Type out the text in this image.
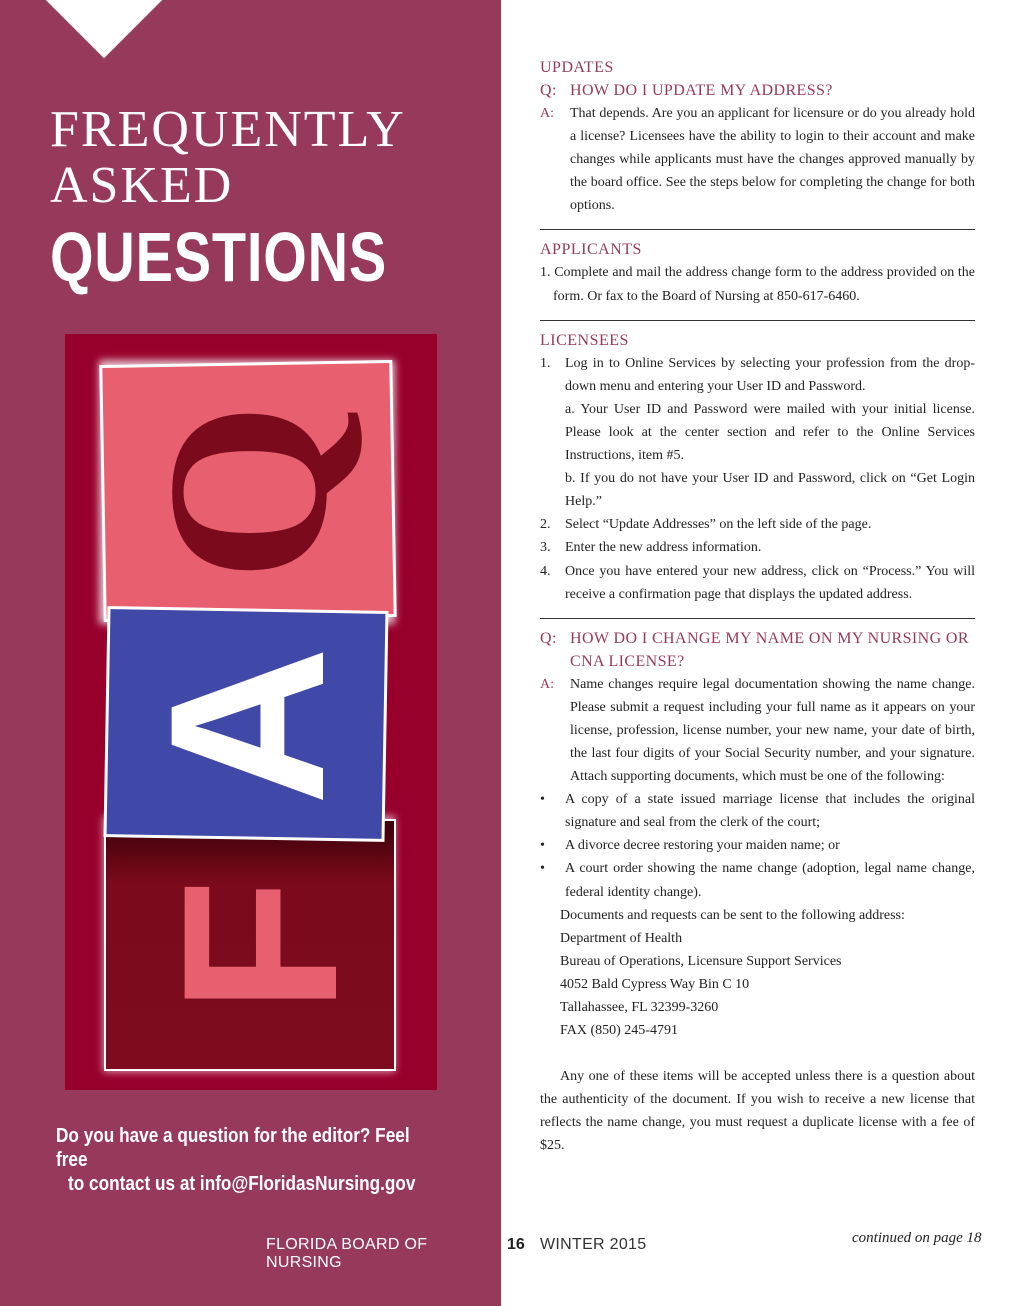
FREQUENTLY
ASKED
QUESTIONS
Q
A
F
Do you have a question for the editor? Feel free
to contact us at info@FloridasNursing.gov
FLORIDA BOARD OF NURSING
16 WINTER 2015	continued on page 18
UPDATES
Q: HOW DO I UPDATE MY ADDRESS?
A:	That depends. Are you an applicant for licensure or do you already hold a license? Licensees have the ability to login to their account and make changes while applicants must have the changes approved manually by the board office. See the steps below for completing the change for both options.
APPLICANTS
1. Complete and mail the address change form to the address provided on the form. Or fax to the Board of Nursing at 850-617-6460.
LICENSEES
1.	Log in to Online Services by selecting your profession from the drop-down menu and entering your User ID and Password.
a. Your User ID and Password were mailed with your initial license. Please look at the center section and refer to the Online Services Instructions, item #5.
b. If you do not have your User ID and Password, click on “Get Login Help.”
2.	Select “Update Addresses” on the left side of the page.
3.	Enter the new address information.
4.	Once you have entered your new address, click on “Process.” You will receive a confirmation page that displays the updated address.
Q: HOW DO I CHANGE MY NAME ON MY NURSING OR CNA LICENSE?
A:	Name changes require legal documentation showing the name change. Please submit a request including your full name as it appears on your license, profession, license number, your new name, your date of birth, the last four digits of your Social Security number, and your signature. Attach supporting documents, which must be one of the following:
•	A copy of a state issued marriage license that includes the original signature and seal from the clerk of the court;
•	A divorce decree restoring your maiden name; or
•	A court order showing the name change (adoption, legal name change, federal identity change).
Documents and requests can be sent to the following address:
Department of Health
Bureau of Operations, Licensure Support Services
4052 Bald Cypress Way Bin C 10
Tallahassee, FL 32399-3260
FAX (850) 245-4791
Any one of these items will be accepted unless there is a question about the authenticity of the document. If you wish to receive a new license that reflects the name change, you must request a duplicate license with a fee of $25.
